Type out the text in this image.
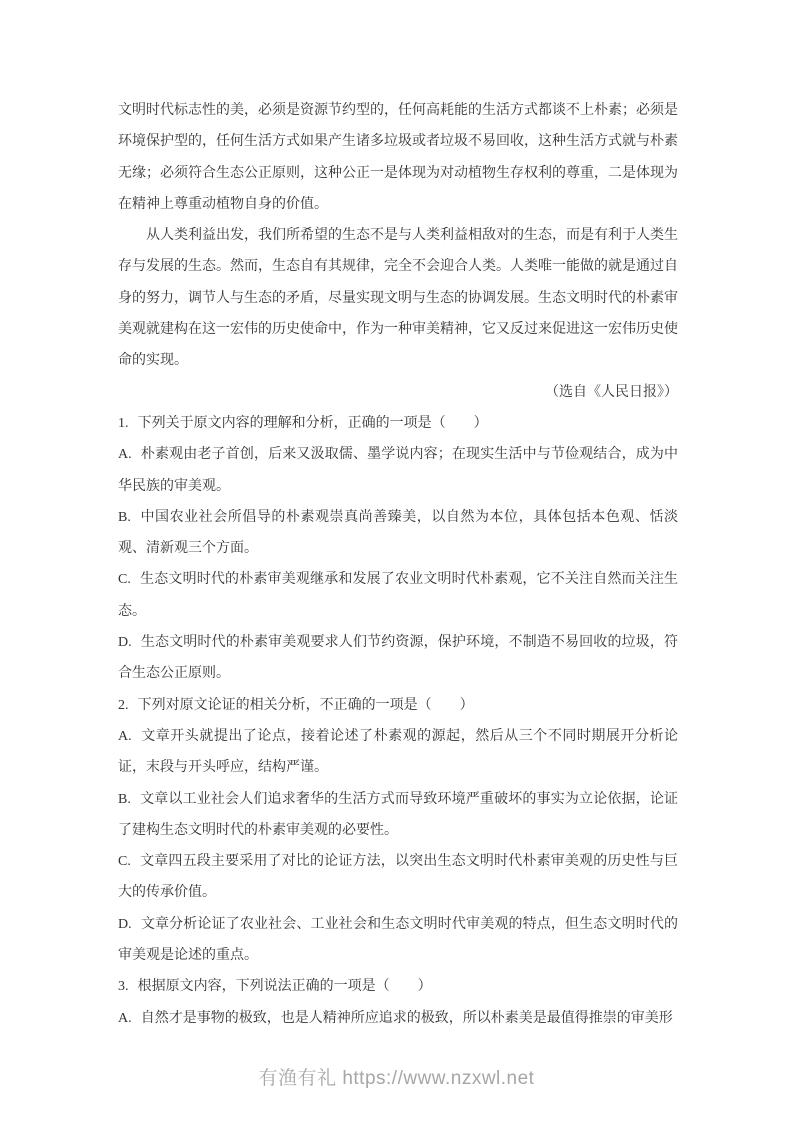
文明时代标志性的美，必须是资源节约型的，任何高耗能的生活方式都谈不上朴素；必须是环境保护型的，任何生活方式如果产生诸多垃圾或者垃圾不易回收，这种生活方式就与朴素无缘；必须符合生态公正原则，这种公正一是体现为对动植物生存权利的尊重，二是体现为在精神上尊重动植物自身的价值。

从人类利益出发，我们所希望的生态不是与人类利益相敌对的生态，而是有利于人类生存与发展的生态。然而，生态自有其规律，完全不会迎合人类。人类唯一能做的就是通过自身的努力，调节人与生态的矛盾，尽量实现文明与生态的协调发展。生态文明时代的朴素审美观就建构在这一宏伟的历史使命中，作为一种审美精神，它又反过来促进这一宏伟历史使命的实现。

（选自《人民日报》）

1. 下列关于原文内容的理解和分析，正确的一项是（　　）

A. 朴素观由老子首创，后来又汲取儒、墨学说内容；在现实生活中与节俭观结合，成为中华民族的审美观。

B. 中国农业社会所倡导的朴素观崇真尚善臻美，以自然为本位，具体包括本色观、恬淡观、清新观三个方面。

C. 生态文明时代的朴素审美观继承和发展了农业文明时代朴素观，它不关注自然而关注生态。

D. 生态文明时代的朴素审美观要求人们节约资源，保护环境，不制造不易回收的垃圾，符合生态公正原则。

2. 下列对原文论证的相关分析，不正确的一项是（　　）

A. 文章开头就提出了论点，接着论述了朴素观的源起，然后从三个不同时期展开分析论证，末段与开头呼应，结构严谨。

B. 文章以工业社会人们追求奢华的生活方式而导致环境严重破坏的事实为立论依据，论证了建构生态文明时代的朴素审美观的必要性。

C. 文章四五段主要采用了对比的论证方法，以突出生态文明时代朴素审美观的历史性与巨大的传承价值。

D. 文章分析论证了农业社会、工业社会和生态文明时代审美观的特点，但生态文明时代的审美观是论述的重点。

3. 根据原文内容，下列说法正确的一项是（　　）

A. 自然才是事物的极致，也是人精神所应追求的极致，所以朴素美是最值得推崇的审美形

有渔有礼 https://www.nzxwl.net
